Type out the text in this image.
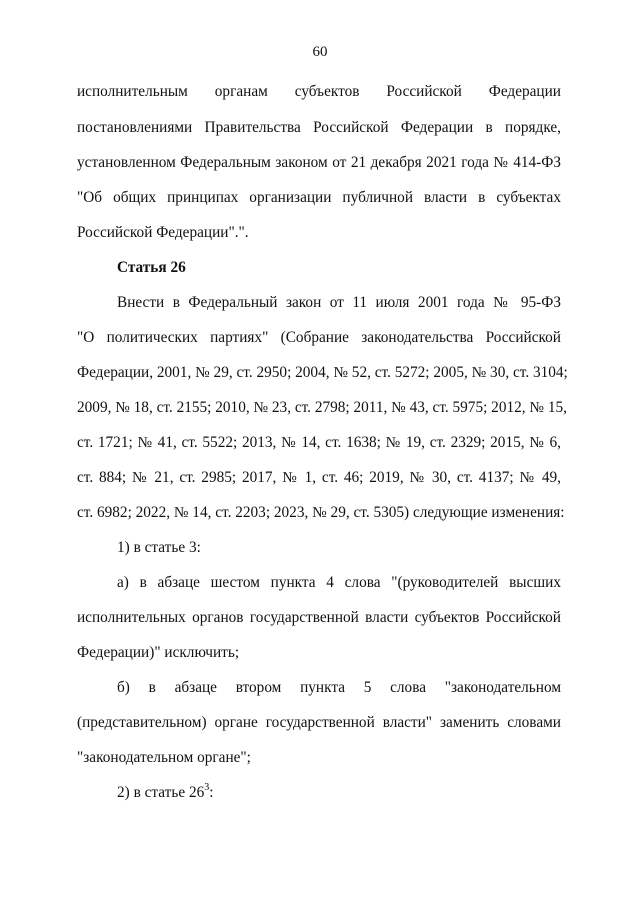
60
исполнительным органам субъектов Российской Федерации
постановлениями Правительства Российской Федерации в порядке,
установленном Федеральным законом от 21 декабря 2021 года № 414-ФЗ
"Об общих принципах организации публичной власти в субъектах
Российской Федерации".".
Статья 26
Внести в Федеральный закон от 11 июля 2001 года № 95-ФЗ
"О политических партиях" (Собрание законодательства Российской
Федерации, 2001, № 29, ст. 2950; 2004, № 52, ст. 5272; 2005, № 30, ст. 3104;
2009, № 18, ст. 2155; 2010, № 23, ст. 2798; 2011, № 43, ст. 5975; 2012, № 15,
ст. 1721; № 41, ст. 5522; 2013, № 14, ст. 1638; № 19, ст. 2329; 2015, № 6,
ст. 884; № 21, ст. 2985; 2017, № 1, ст. 46; 2019, № 30, ст. 4137; № 49,
ст. 6982; 2022, № 14, ст. 2203; 2023, № 29, ст. 5305) следующие изменения:
1) в статье 3:
а) в абзаце шестом пункта 4 слова "(руководителей высших
исполнительных органов государственной власти субъектов Российской
Федерации)" исключить;
б) в абзаце втором пункта 5 слова "законодательном
(представительном) органе государственной власти" заменить словами
"законодательном органе";
2) в статье $26^3$:
